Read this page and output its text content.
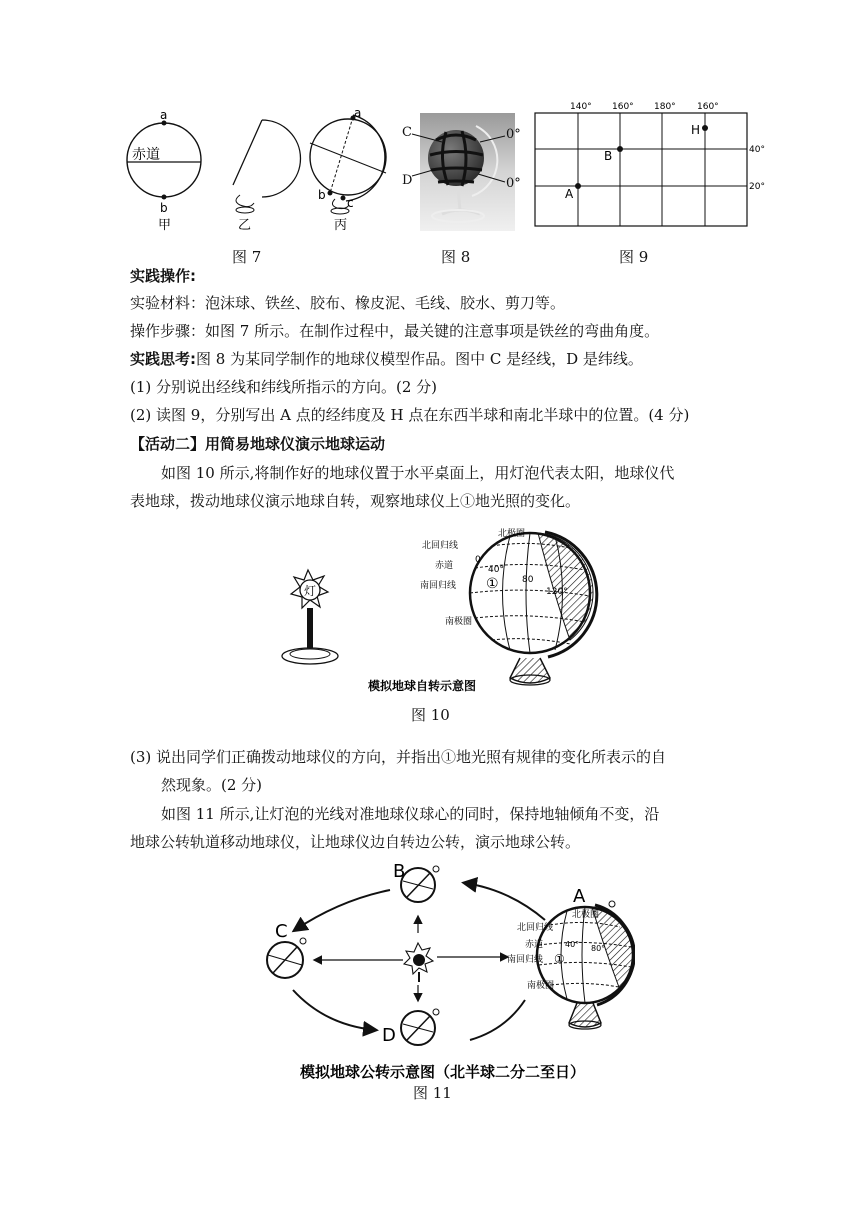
a
赤道
b
甲	乙
a
b
c
丙
C
D
0°
0°
140° 160° 180° 160°
40°
20°
H
B
A
图 7	图 8	图 9
实践操作:
实验材料：泡沫球、铁丝、胶布、橡皮泥、毛线、胶水、剪刀等。
操作步骤：如图 7 所示。在制作过程中，最关键的注意事项是铁丝的弯曲角度。
实践思考:图 8 为某同学制作的地球仪模型作品。图中 C 是经线，D 是纬线。
(1) 分别说出经线和纬线所指示的方向。(2 分)
(2) 读图 9，分别写出 A 点的经纬度及 H 点在东西半球和南北半球中的位置。(4 分)
【活动二】用简易地球仪演示地球运动
如图 10 所示,将制作好的地球仪置于水平桌面上，用灯泡代表太阳，地球仪代
表地球，拨动地球仪演示地球自转，观察地球仪上①地光照的变化。
灯	①
北极圈
北回归线
赤道
南回归线
南极圈
0
40°
80
120°
模拟地球自转示意图
图 10
(3) 说出同学们正确拨动地球仪的方向，并指出①地光照有规律的变化所表示的自
然现象。(2 分)
如图 11 所示,让灯泡的光线对准地球仪球心的同时，保持地轴倾角不变，沿
地球公转轨道移动地球仪，让地球仪边自转边公转，演示地球公转。
B
C
D
A
北极圈
北回归线
赤道
南回归线
南极圈
40° 80°
①
模拟地球公转示意图（北半球二分二至日）
图 11
